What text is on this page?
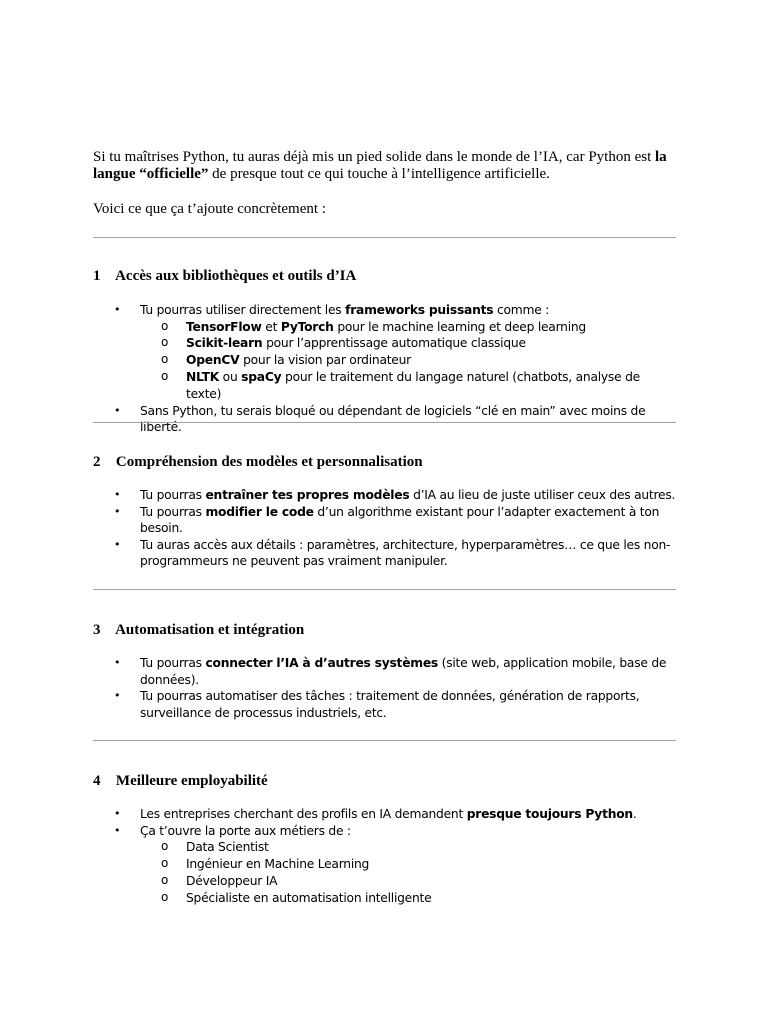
Si tu maîtrises Python, tu auras déjà mis un pied solide dans le monde de l’IA, car Python est la langue “officielle” de presque tout ce qui touche à l’intelligence artificielle.
Voici ce que ça t’ajoute concrètement :
1⃣ Accès aux bibliothèques et outils d’IA
• Tu pourras utiliser directement les frameworks puissants comme :
o TensorFlow et PyTorch pour le machine learning et deep learning
o Scikit-learn pour l’apprentissage automatique classique
o OpenCV pour la vision par ordinateur
o NLTK ou spaCy pour le traitement du langage naturel (chatbots, analyse de texte)
• Sans Python, tu serais bloqué ou dépendant de logiciels “clé en main” avec moins de liberté.
2⃣ Compréhension des modèles et personnalisation
• Tu pourras entraîner tes propres modèles d’IA au lieu de juste utiliser ceux des autres.
• Tu pourras modifier le code d’un algorithme existant pour l’adapter exactement à ton besoin.
• Tu auras accès aux détails : paramètres, architecture, hyperparamètres… ce que les non-programmeurs ne peuvent pas vraiment manipuler.
3⃣ Automatisation et intégration
• Tu pourras connecter l’IA à d’autres systèmes (site web, application mobile, base de données).
• Tu pourras automatiser des tâches : traitement de données, génération de rapports, surveillance de processus industriels, etc.
4⃣ Meilleure employabilité
• Les entreprises cherchant des profils en IA demandent presque toujours Python.
• Ça t’ouvre la porte aux métiers de :
o Data Scientist
o Ingénieur en Machine Learning
o Développeur IA
o Spécialiste en automatisation intelligente
